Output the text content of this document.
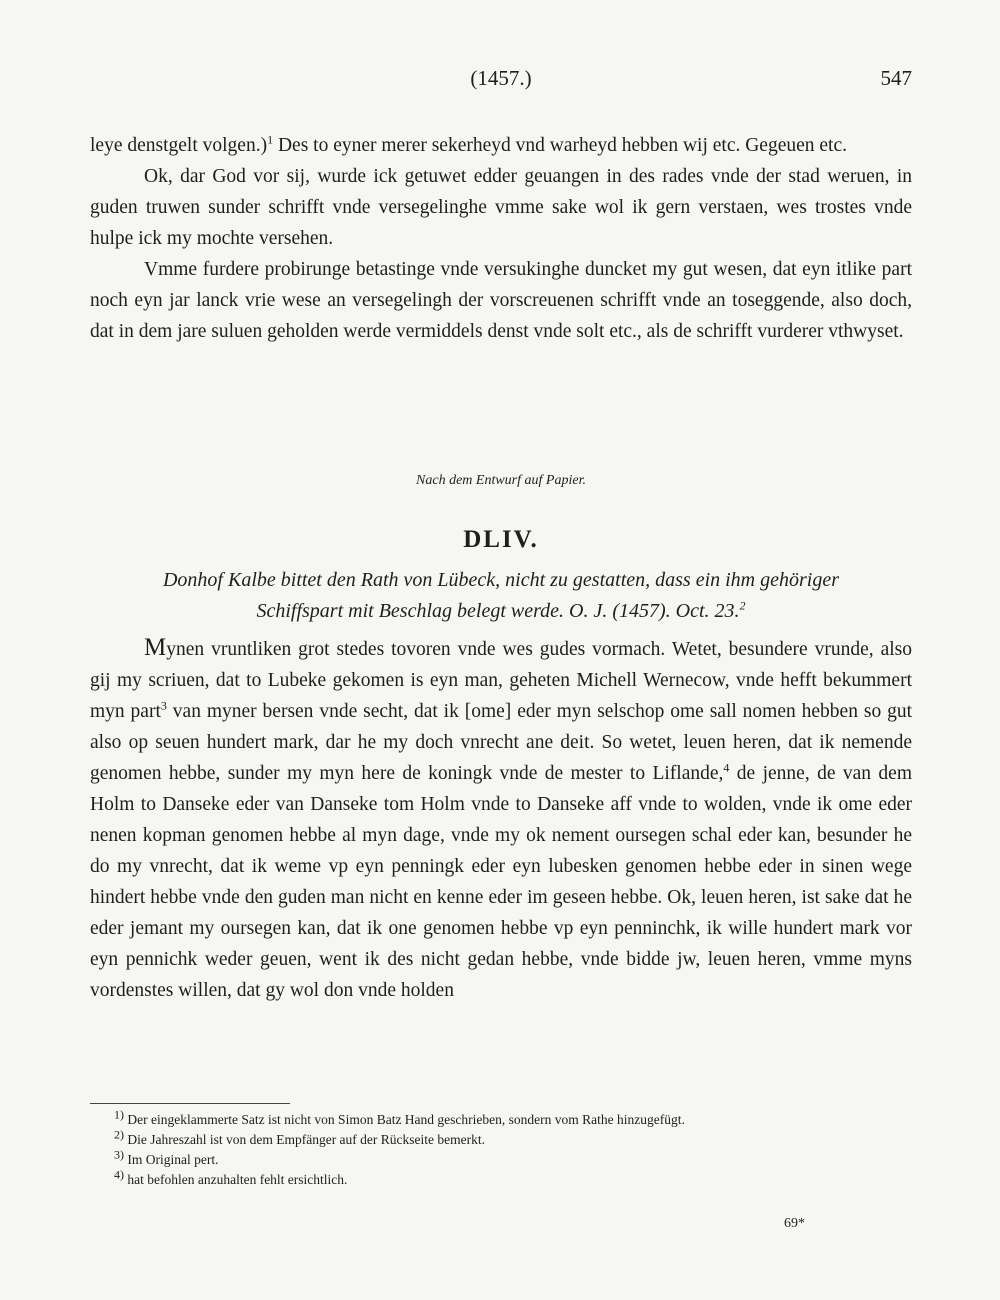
(1457.)	547

leye denstgelt volgen.)$^1$ Des to eyner merer sekerheyd vnd warheyd hebben wij etc. Gegeuen etc.

Ok, dar God vor sij, wurde ick getuwet edder geuangen in des rades vnde der stad weruen, in guden truwen sunder schrifft vnde versegelinghe vmme sake wol ik gern verstaen, wes trostes vnde hulpe ick my mochte versehen.

Vmme furdere probirunge betastinge vnde versukinghe duncket my gut wesen, dat eyn itlike part noch eyn jar lanck vrie wese an versegelingh der vorscreuenen schrifft vnde an toseggende, also doch, dat in dem jare suluen geholden werde vermiddels denst vnde solt etc., als de schrifft vurderer vthwyset.

Nach dem Entwurf auf Papier.
DLIV.
Donhof Kalbe bittet den Rath von Lübeck, nicht zu gestatten, dass ein ihm gehöriger
Schiffspart mit Beschlag belegt werde. O. J. (1457). Oct. 23.$^2$

Mynen vruntliken grot stedes tovoren vnde wes gudes vormach. Wetet, besundere vrunde, also gij my scriuen, dat to Lubeke gekomen is eyn man, geheten Michell Wernecow, vnde hefft bekummert myn part$^3$ van myner bersen vnde secht, dat ik [ome] eder myn selschop ome sall nomen hebben so gut also op seuen hundert mark, dar he my doch vnrecht ane deit. So wetet, leuen heren, dat ik nemende genomen hebbe, sunder my myn here de koningk vnde de mester to Liflande,$^4$ de jenne, de van dem Holm to Danseke eder van Danseke tom Holm vnde to Danseke aff vnde to wolden, vnde ik ome eder nenen kopman genomen hebbe al myn dage, vnde my ok nement oursegen schal eder kan, besunder he do my vnrecht, dat ik weme vp eyn penningk eder eyn lubesken genomen hebbe eder in sinen wege hindert hebbe vnde den guden man nicht en kenne eder im geseen hebbe. Ok, leuen heren, ist sake dat he eder jemant my oursegen kan, dat ik one genomen hebbe vp eyn penninchk, ik wille hundert mark vor eyn pennichk weder geuen, went ik des nicht gedan hebbe, vnde bidde jw, leuen heren, vmme myns vordenstes willen, dat gy wol don vnde holden

$^{1)}$ Der eingeklammerte Satz ist nicht von Simon Batz Hand geschrieben, sondern vom Rathe hinzugefügt.

$^{2)}$ Die Jahreszahl ist von dem Empfänger auf der Rückseite bemerkt.

$^{3)}$ Im Original pert.

$^{4)}$ hat befohlen anzuhalten fehlt ersichtlich.

69*
